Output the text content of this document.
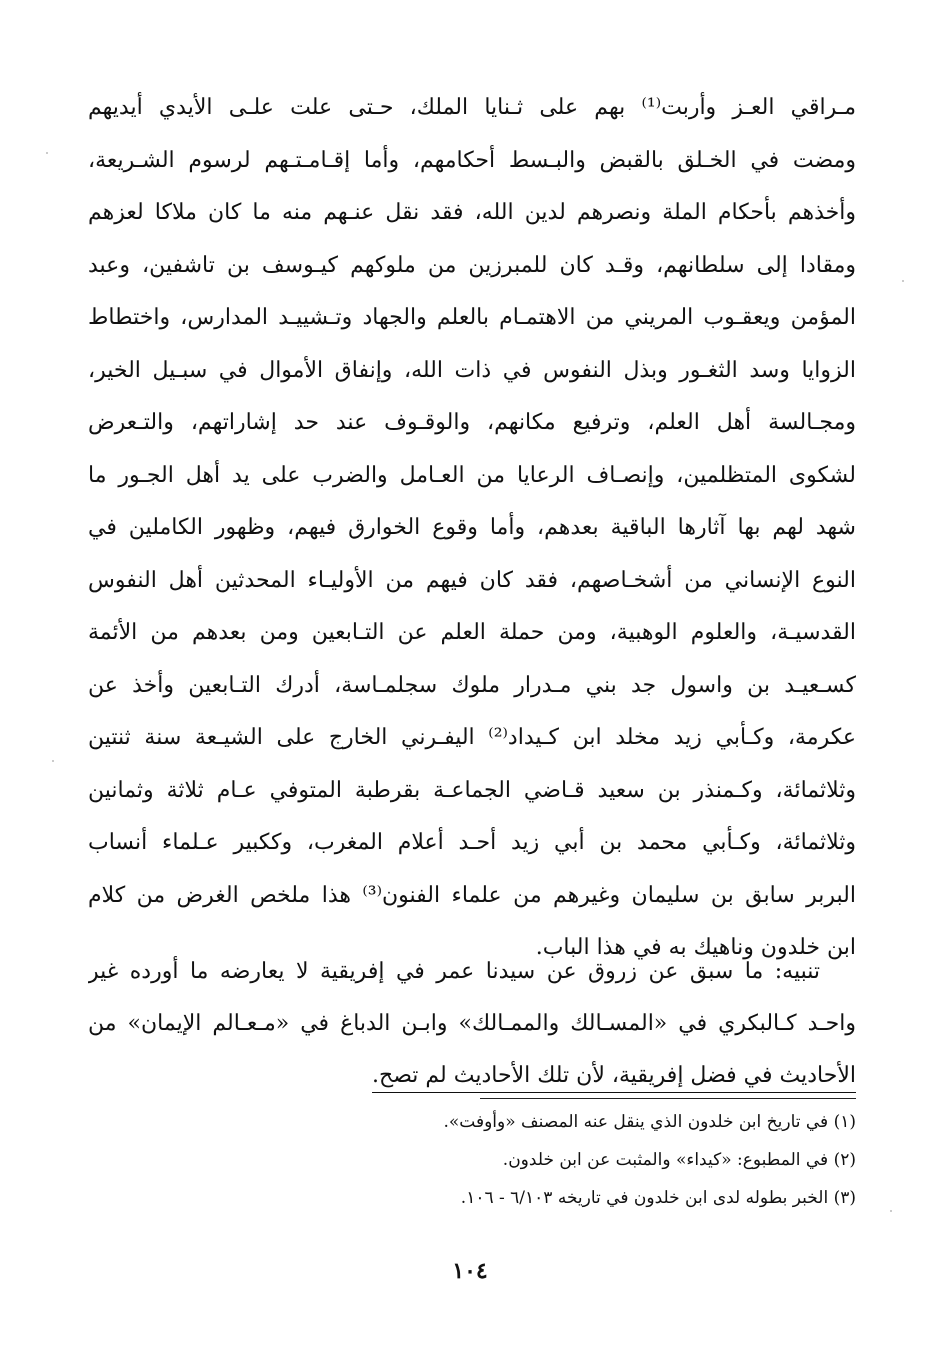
مـراقي العـز وأربت⁽¹⁾ بهم على ثـنايا الملك، حـتى علت علـى الأيدي أيديهم
ومضت في الخـلق بالقبض والبـسط أحكامهم، وأما إقـامـتـهم لرسوم الشـريعة،
وأخذهم بأحكام الملة ونصرهم لدين الله، فقد نقل عنـهم منه ما كان ملاكا لعزهم
ومقادا إلى سلطانهم، وقـد كان للمبرزين من ملوكهم كيـوسف بن تاشفين، وعبد
المؤمن ويعقـوب المريني من الاهتمـام بالعلم والجهاد وتـشييـد المدارس، واختطاط
الزوايا وسد الثغـور وبذل النفوس في ذات الله، وإنفاق الأموال في سبـيل الخير،
ومجـالسة أهل العلم، وترفيع مكانهم، والوقـوف عند حد إشاراتهم، والتـعرض
لشكوى المتظلمين، وإنصـاف الرعايا من العـامل والضرب على يد أهل الجـور ما
شهد لهم بها آثارها الباقية بعدهم، وأما وقوع الخوارق فيهم، وظهور الكاملين في
النوع الإنساني من أشخـاصهم، فقد كان فيهم من الأوليـاء المحدثين أهل النفوس
القدسيـة، والعلوم الوهبية، ومن حملة العلم عن التـابعين ومن بعدهم من الأئمة
كسـعيـد بن واسول جد بني مـدرار ملوك سجلمـاسة، أدرك التـابعين وأخذ عن
عكرمة، وكـأبي زيد مخلد ابن كـيداد⁽²⁾ اليفـرني الخارج على الشيـعة سنة ثنتين
وثلاثمائة، وكـمنذر بن سعيد قـاضي الجماعـة بقرطبة المتوفي عـام ثلاثة وثمانين
وثلاثمائة، وكـأبي محمد بن أبي زيد أحـد أعلام المغرب، وككبير عـلماء أنساب
البربر سابق بن سليمان وغيرهم من علماء الفنون⁽³⁾ هذا ملخص الغرض من كلام
ابن خلدون وناهيك به في هذا الباب.
تنبيه: ما سبق عن زروق عن سيدنا عمر في إفريقية لا يعارضه ما أورده غير
واحـد كـالبكري في «المسـالك والممـالك» وابـن الدباغ في «مـعـالم الإيمان» من
الأحاديث في فضل إفريقية، لأن تلك الأحاديث لم تصح.
(١) في تاريخ ابن خلدون الذي ينقل عنه المصنف «وأوفت».
(٢) في المطبوع: «كيداء» والمثبت عن ابن خلدون.
(٣) الخبر بطوله لدى ابن خلدون في تاريخه ٦/١٠٣ - ١٠٦.
١٠٤
